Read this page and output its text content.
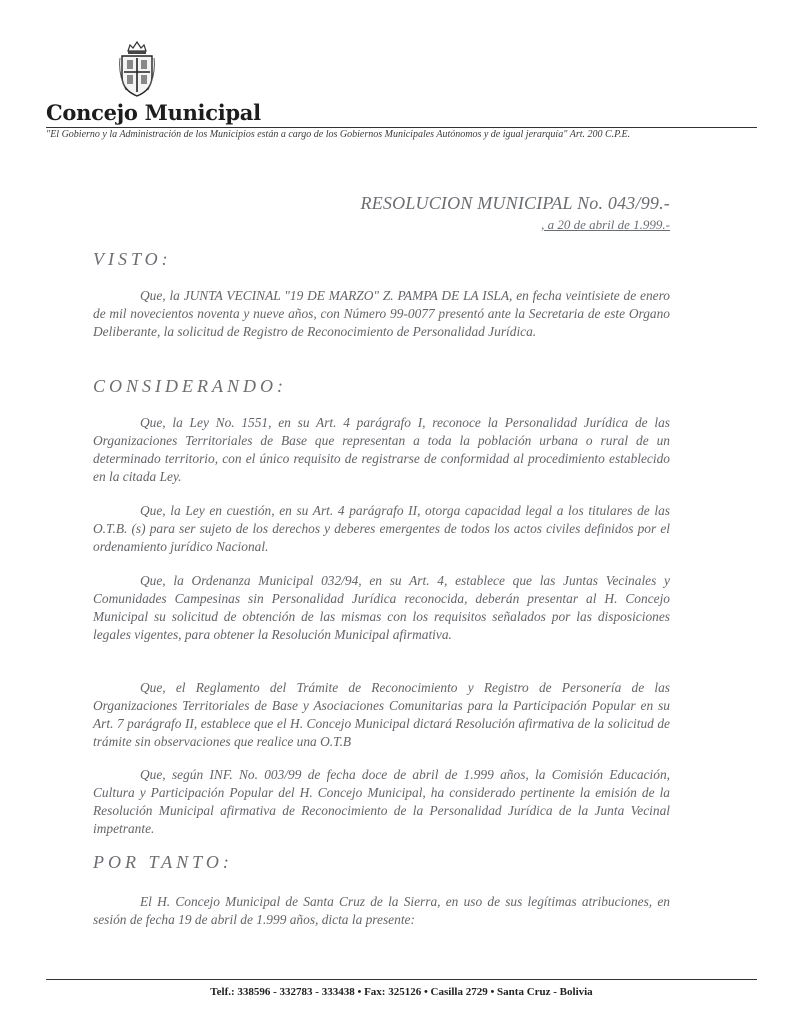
Concejo Municipal
"El Gobierno y la Administración de los Municipios están a cargo de los Gobiernos Municipales Autónomos y de igual jerarquía" Art. 200 C.P.E.
RESOLUCION MUNICIPAL No. 043/99.-
, a 20 de abril de 1.999.-
VISTO:

Que, la JUNTA VECINAL "19 DE MARZO" Z. PAMPA DE LA ISLA, en fecha veintisiete de enero de mil novecientos noventa y nueve años, con Número 99-0077 presentó ante la Secretaria de este Organo Deliberante, la solicitud de Registro de Reconocimiento de Personalidad Jurídica.

CONSIDERANDO:

Que, la Ley No. 1551, en su Art. 4 parágrafo I, reconoce la Personalidad Jurídica de las Organizaciones Territoriales de Base que representan a toda la población urbana o rural de un determinado territorio, con el único requisito de registrarse de conformidad al procedimiento establecido en la citada Ley.

Que, la Ley en cuestión, en su Art. 4 parágrafo II, otorga capacidad legal a los titulares de las O.T.B. (s) para ser sujeto de los derechos y deberes emergentes de todos los actos civiles definidos por el ordenamiento jurídico Nacional.

Que, la Ordenanza Municipal 032/94, en su Art. 4, establece que las Juntas Vecinales y Comunidades Campesinas sin Personalidad Jurídica reconocida, deberán presentar al H. Concejo Municipal su solicitud de obtención de las mismas con los requisitos señalados por las disposiciones legales vigentes, para obtener la Resolución Municipal afirmativa.

Que, el Reglamento del Trámite de Reconocimiento y Registro de Personería de las Organizaciones Territoriales de Base y Asociaciones Comunitarias para la Participación Popular en su Art. 7 parágrafo II, establece que el H. Concejo Municipal dictará Resolución afirmativa de la solicitud de trámite sin observaciones que realice una O.T.B

Que, según INF. No. 003/99 de fecha doce de abril de 1.999 años, la Comisión Educación, Cultura y Participación Popular del H. Concejo Municipal, ha considerado pertinente la emisión de la Resolución Municipal afirmativa de Reconocimiento de la Personalidad Jurídica de la Junta Vecinal impetrante.

POR TANTO:

El H. Concejo Municipal de Santa Cruz de la Sierra, en uso de sus legítimas atribuciones, en sesión de fecha 19 de abril de 1.999 años, dicta la presente:

Telf.: 338596 - 332783 - 333438 • Fax: 325126 • Casilla 2729 • Santa Cruz - Bolivia
